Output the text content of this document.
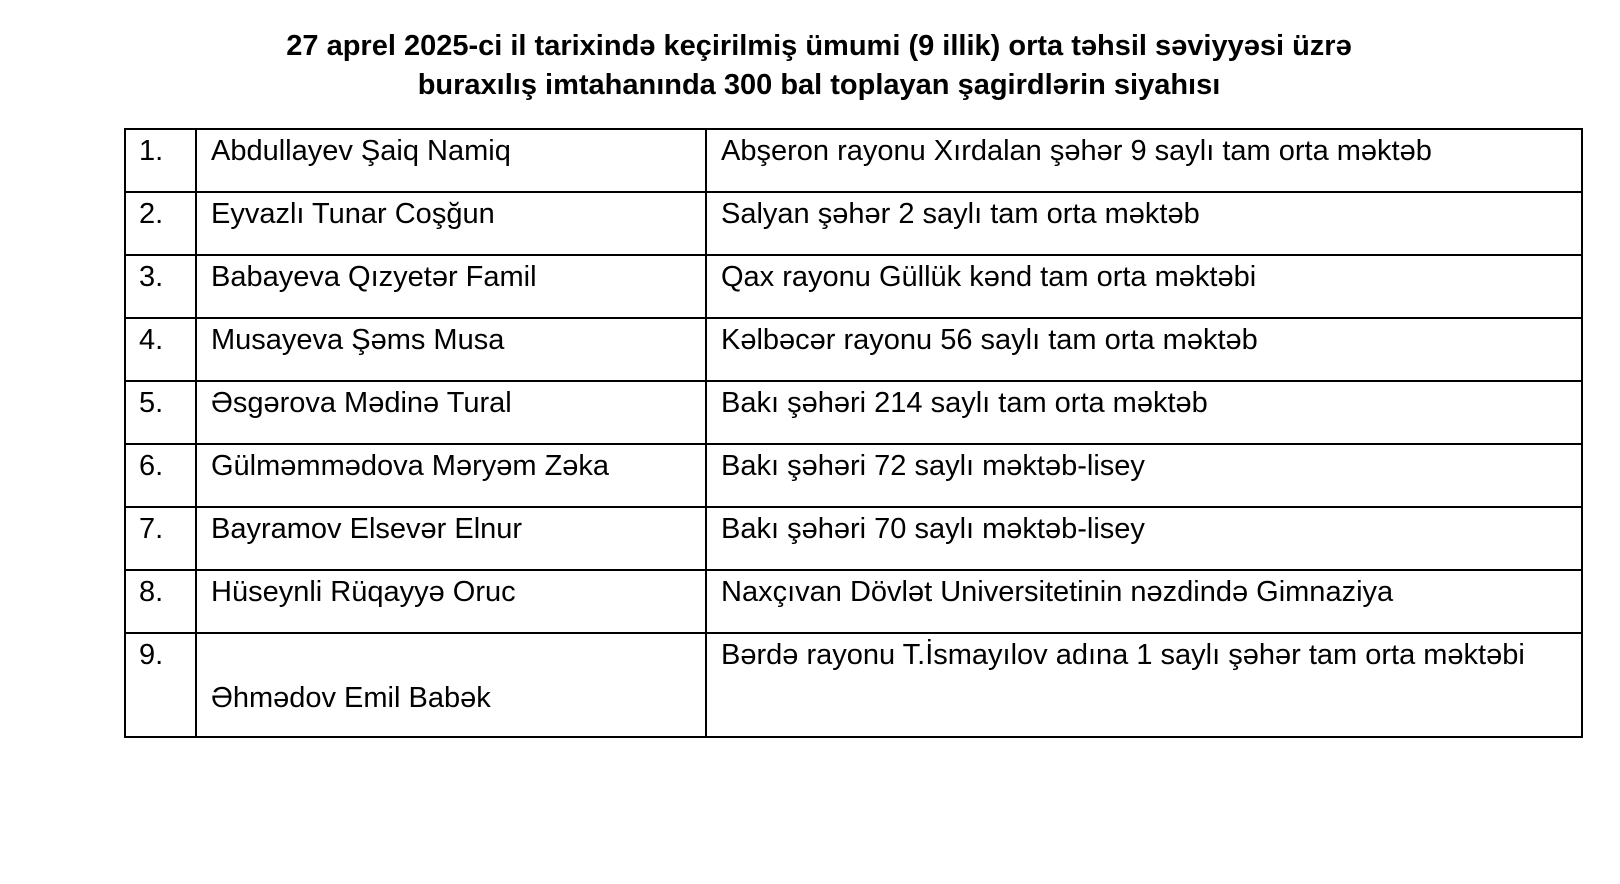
27 aprel 2025-ci il tarixində keçirilmiş ümumi (9 illik) orta təhsil səviyyəsi üzrə
buraxılış imtahanında 300 bal toplayan şagirdlərin siyahısı
1.	Abdullayev Şaiq Namiq	Abşeron rayonu Xırdalan şəhər 9 saylı tam orta məktəb
2.	Eyvazlı Tunar Coşğun	Salyan şəhər 2 saylı tam orta məktəb
3.	Babayeva Qızyetər Famil	Qax rayonu Güllük kənd tam orta məktəbi
4.	Musayeva Şəms Musa	Kəlbəcər rayonu 56 saylı tam orta məktəb
5.	Əsgərova Mədinə Tural	Bakı şəhəri 214 saylı tam orta məktəb
6.	Gülməmmədova Məryəm Zəka	Bakı şəhəri 72 saylı məktəb-lisey
7.	Bayramov Elsevər Elnur	Bakı şəhəri 70 saylı məktəb-lisey
8.	Hüseynli Rüqayyə Oruc	Naxçıvan Dövlət Universitetinin nəzdində Gimnaziya
9.	Əhmədov Emil Babək	Bərdə rayonu T.İsmayılov adına 1 saylı şəhər tam orta məktəbi
